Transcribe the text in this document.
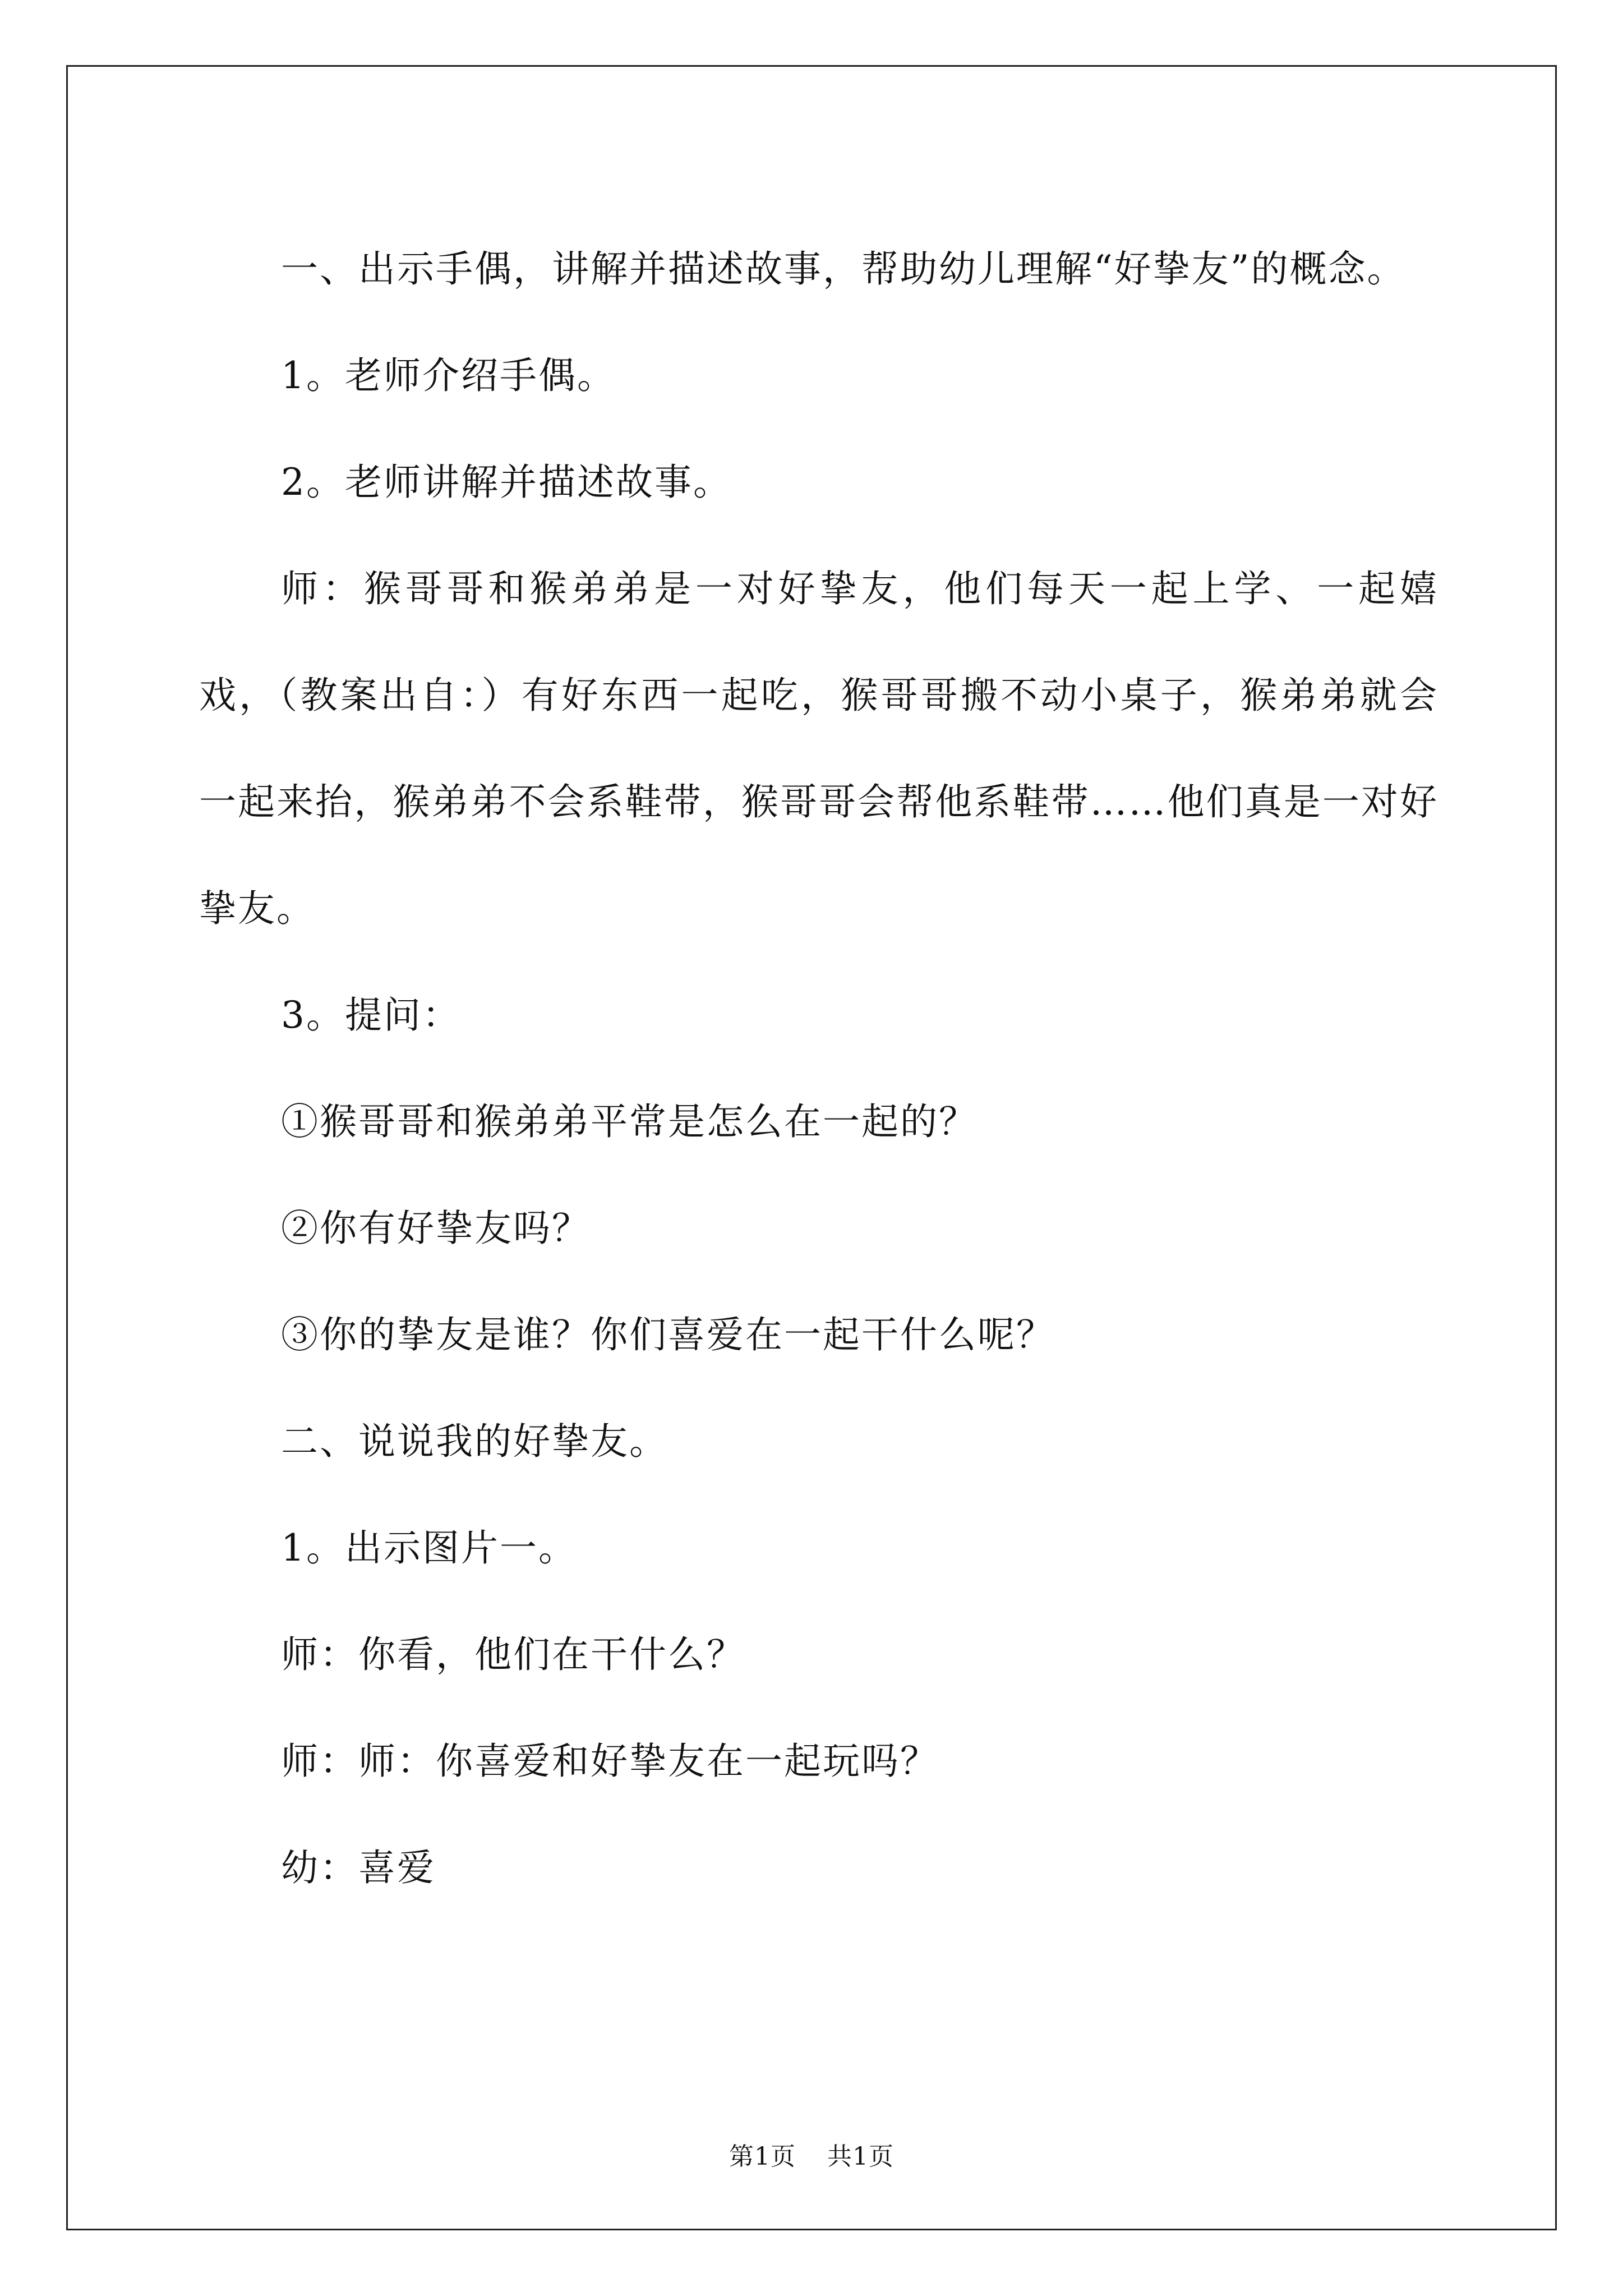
一、出示手偶，讲解并描述故事，帮助幼儿理解“好挚友”的概念。

1。老师介绍手偶。

2。老师讲解并描述故事。

师：猴哥哥和猴弟弟是一对好挚友，他们每天一起上学、一起嬉戏，（教案出自：）有好东西一起吃，猴哥哥搬不动小桌子，猴弟弟就会一起来抬，猴弟弟不会系鞋带，猴哥哥会帮他系鞋带……他们真是一对好挚友。

3。提问：

①猴哥哥和猴弟弟平常是怎么在一起的？

②你有好挚友吗？

③你的挚友是谁？你们喜爱在一起干什么呢？

二、说说我的好挚友。

1。出示图片一。

师：你看，他们在干什么？

师：师：你喜爱和好挚友在一起玩吗？

幼：喜爱

第1页 共1页
